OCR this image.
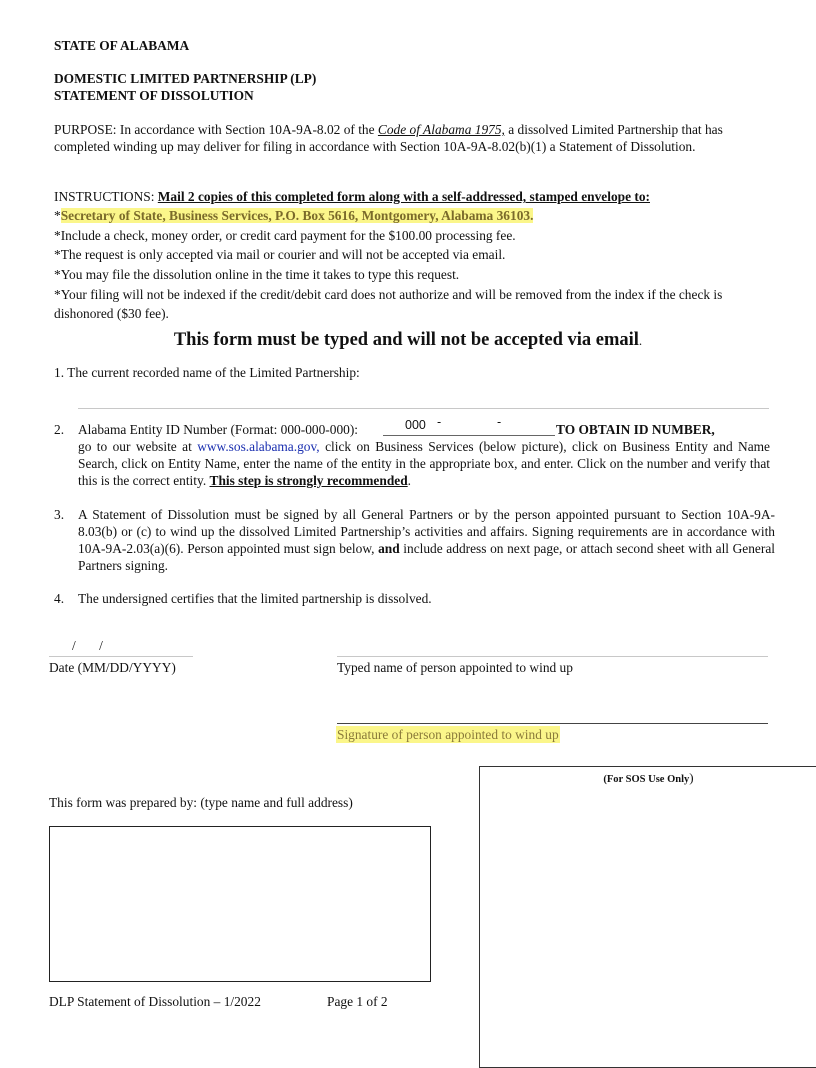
STATE OF ALABAMA
DOMESTIC LIMITED PARTNERSHIP (LP)
STATEMENT OF DISSOLUTION
PURPOSE: In accordance with Section 10A-9A-8.02 of the Code of Alabama 1975, a dissolved Limited Partnership that has completed winding up may deliver for filing in accordance with Section 10A-9A-8.02(b)(1) a Statement of Dissolution.
INSTRUCTIONS: Mail 2 copies of this completed form along with a self-addressed, stamped envelope to:
*Secretary of State, Business Services, P.O. Box 5616, Montgomery, Alabama 36103.
*Include a check, money order, or credit card payment for the $100.00 processing fee.
*The request is only accepted via mail or courier and will not be accepted via email.
*You may file the dissolution online in the time it takes to type this request.
*Your filing will not be indexed if the credit/debit card does not authorize and will be removed from the index if the check is dishonored ($30 fee).
This form must be typed and will not be accepted via email.
1. The current recorded name of the Limited Partnership:
2. Alabama Entity ID Number (Format: 000-000-000):	000 -	-	TO OBTAIN ID NUMBER,
go to our website at www.sos.alabama.gov, click on Business Services (below picture), click on Business Entity and Name Search, click on Entity Name, enter the name of the entity in the appropriate box, and enter. Click on the number and verify that this is the correct entity. This step is strongly recommended.
3. A Statement of Dissolution must be signed by all General Partners or by the person appointed pursuant to Section 10A-9A-8.03(b) or (c) to wind up the dissolved Limited Partnership’s activities and affairs. Signing requirements are in accordance with 10A-9A-2.03(a)(6). Person appointed must sign below, and include address on next page, or attach second sheet with all General Partners signing.
4. The undersigned certifies that the limited partnership is dissolved.
/       /
Date (MM/DD/YYYY)	Typed name of person appointed to wind up
Signature of person appointed to wind up
This form was prepared by: (type name and full address)
(For SOS Use Only)
DLP Statement of Dissolution – 1/2022	Page 1 of 2
